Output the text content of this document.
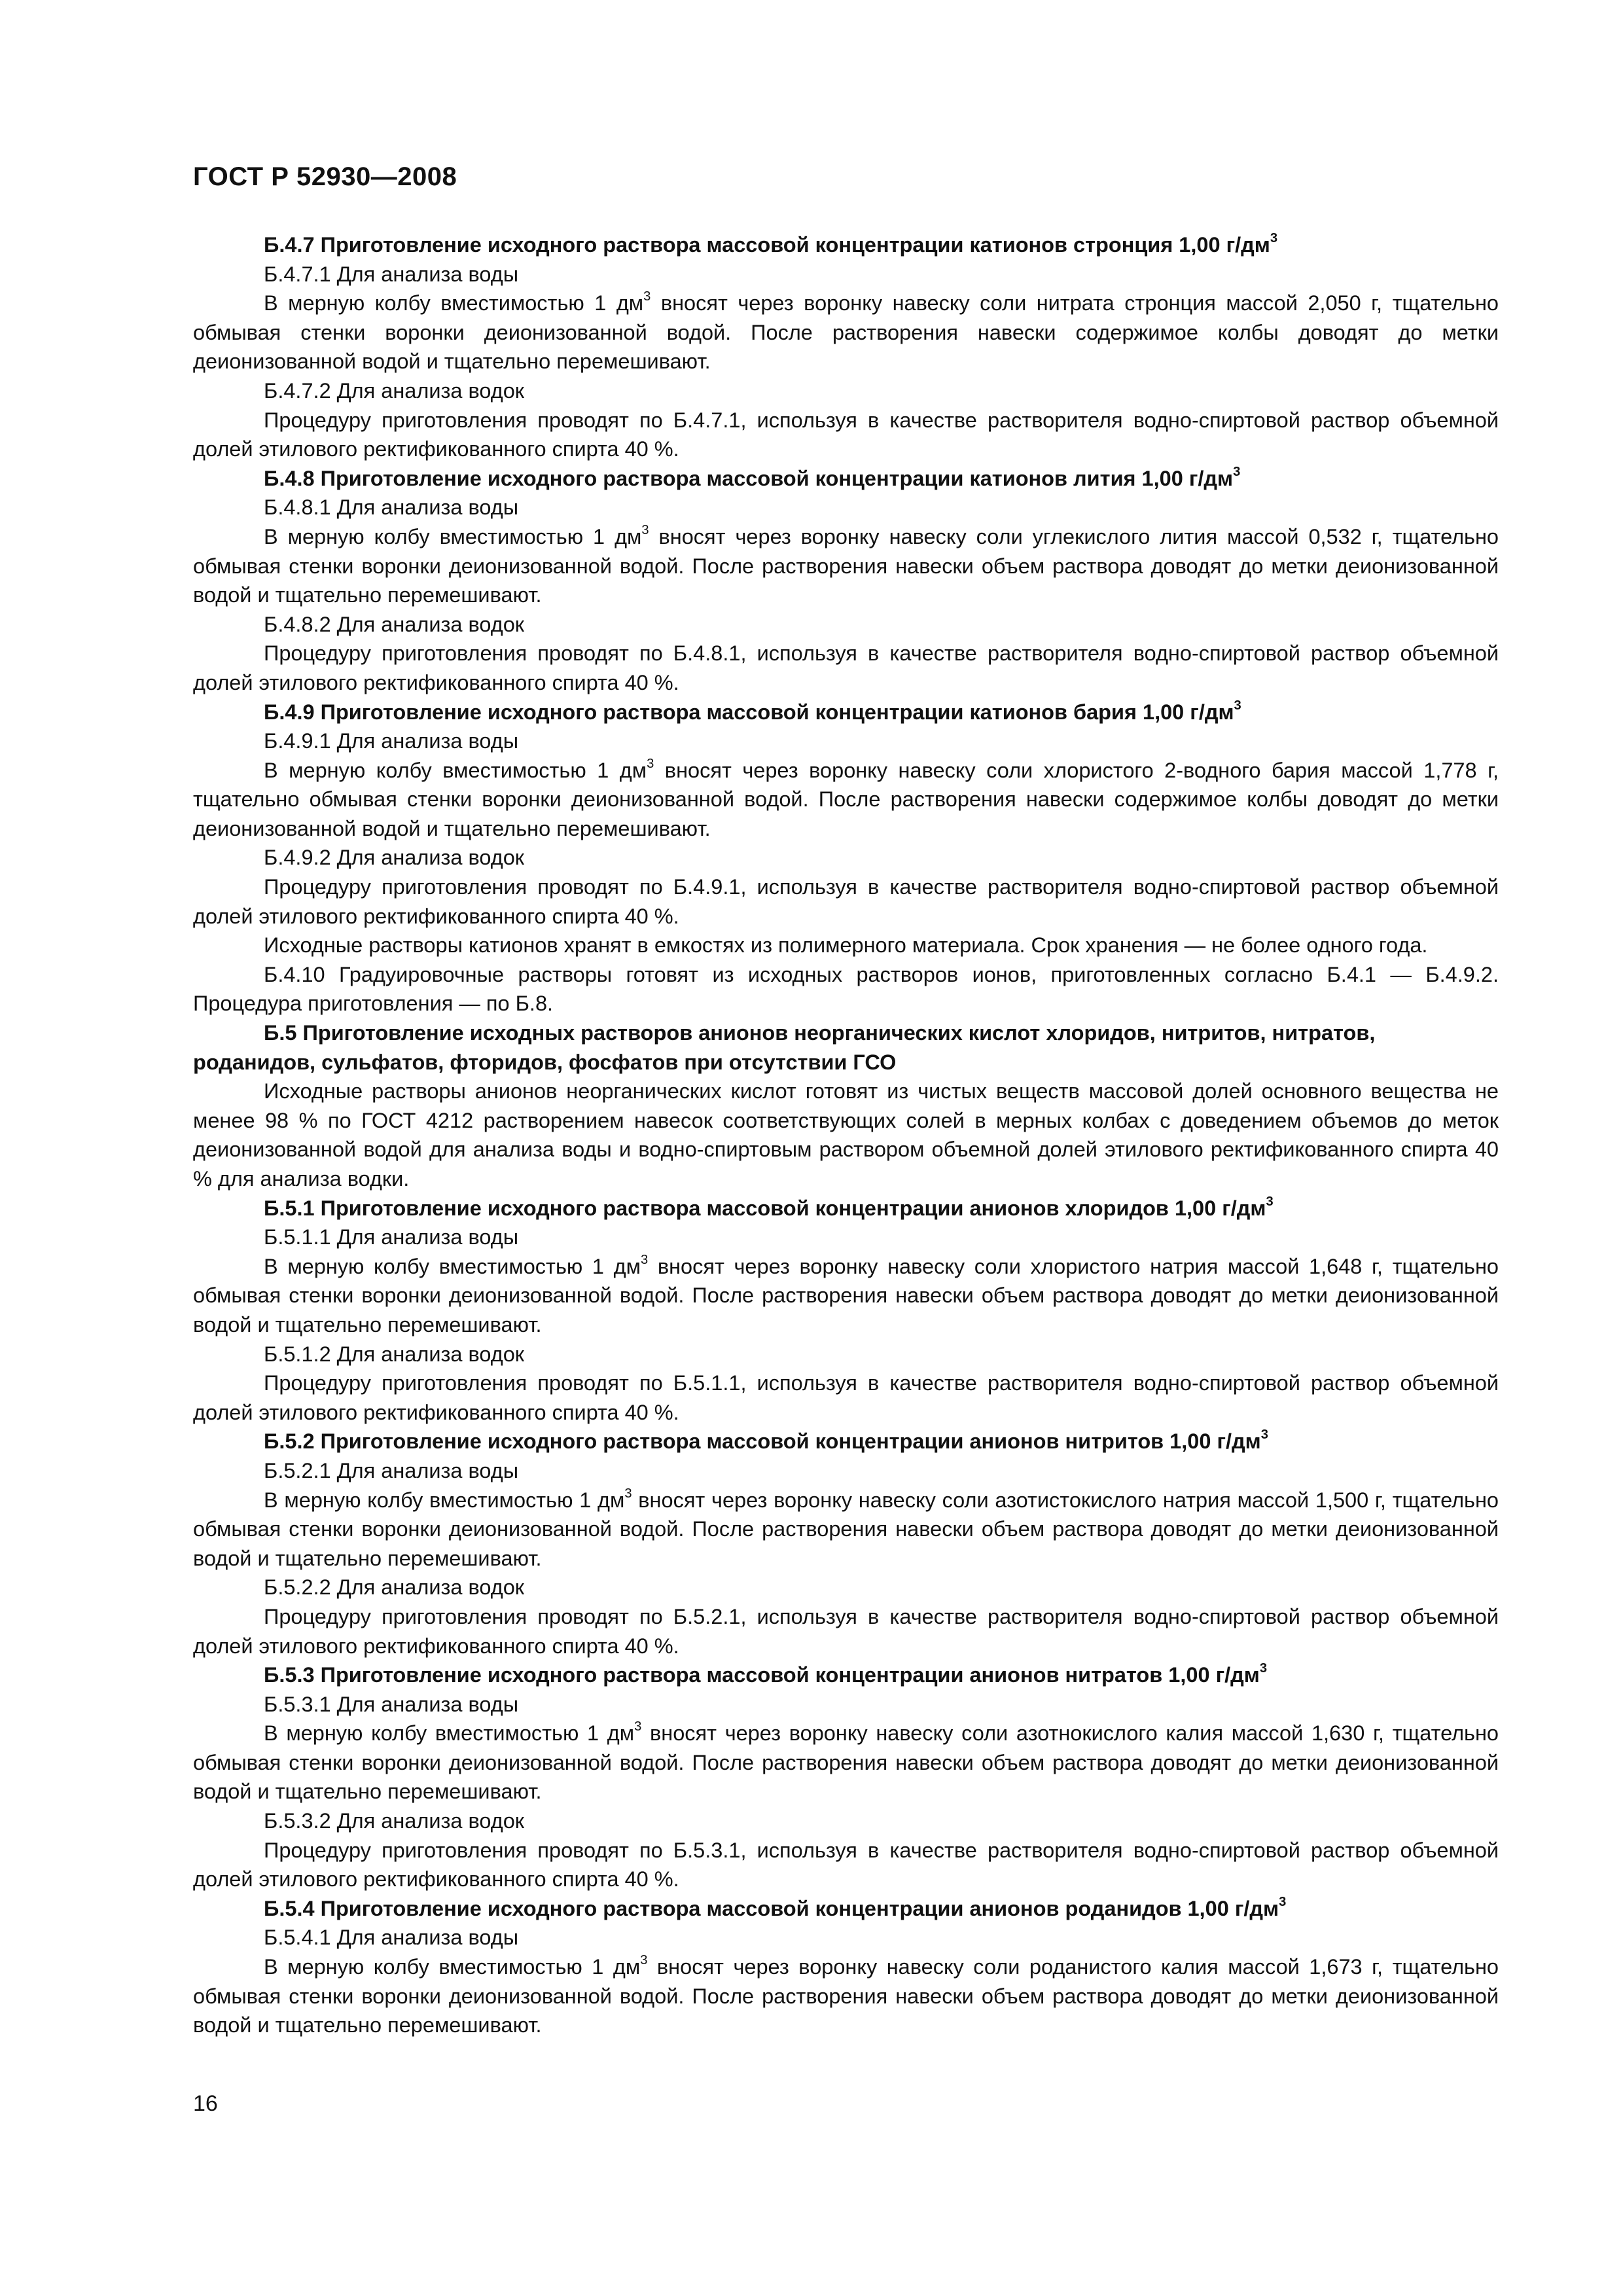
ГОСТ Р 52930—2008

Б.4.7 Приготовление исходного раствора массовой концентрации катионов стронция 1,00 $г/дм^3$

Б.4.7.1 Для анализа воды

В мерную колбу вместимостью 1 $дм^3$ вносят через воронку навеску соли нитрата стронция массой 2,050 г, тщательно обмывая стенки воронки деионизованной водой. После растворения навески содержимое колбы доводят до метки деионизованной водой и тщательно перемешивают.

Б.4.7.2 Для анализа водок

Процедуру приготовления проводят по Б.4.7.1, используя в качестве растворителя водно-спиртовой раствор объемной долей этилового ректификованного спирта 40 %.

Б.4.8 Приготовление исходного раствора массовой концентрации катионов лития 1,00 $г/дм^3$

Б.4.8.1 Для анализа воды

В мерную колбу вместимостью 1 $дм^3$ вносят через воронку навеску соли углекислого лития массой 0,532 г, тщательно обмывая стенки воронки деионизованной водой. После растворения навески объем раствора доводят до метки деионизованной водой и тщательно перемешивают.

Б.4.8.2 Для анализа водок

Процедуру приготовления проводят по Б.4.8.1, используя в качестве растворителя водно-спиртовой раствор объемной долей этилового ректификованного спирта 40 %.

Б.4.9 Приготовление исходного раствора массовой концентрации катионов бария 1,00 $г/дм^3$

Б.4.9.1 Для анализа воды

В мерную колбу вместимостью 1 $дм^3$ вносят через воронку навеску соли хлористого 2-водного бария массой 1,778 г, тщательно обмывая стенки воронки деионизованной водой. После растворения навески содержимое колбы доводят до метки деионизованной водой и тщательно перемешивают.

Б.4.9.2 Для анализа водок

Процедуру приготовления проводят по Б.4.9.1, используя в качестве растворителя водно-спиртовой раствор объемной долей этилового ректификованного спирта 40 %.

Исходные растворы катионов хранят в емкостях из полимерного материала. Срок хранения — не более одного года.

Б.4.10 Градуировочные растворы готовят из исходных растворов ионов, приготовленных согласно Б.4.1 — Б.4.9.2. Процедура приготовления — по Б.8.

Б.5 Приготовление исходных растворов анионов неорганических кислот хлоридов, нитритов, нитратов, роданидов, сульфатов, фторидов, фосфатов при отсутствии ГСО

Исходные растворы анионов неорганических кислот готовят из чистых веществ массовой долей основного вещества не менее 98 % по ГОСТ 4212 растворением навесок соответствующих солей в мерных колбах с доведением объемов до меток деионизованной водой для анализа воды и водно-спиртовым раствором объемной долей этилового ректификованного спирта 40 % для анализа водки.

Б.5.1 Приготовление исходного раствора массовой концентрации анионов хлоридов 1,00 $г/дм^3$

Б.5.1.1 Для анализа воды

В мерную колбу вместимостью 1 $дм^3$ вносят через воронку навеску соли хлористого натрия массой 1,648 г, тщательно обмывая стенки воронки деионизованной водой. После растворения навески объем раствора доводят до метки деионизованной водой и тщательно перемешивают.

Б.5.1.2 Для анализа водок

Процедуру приготовления проводят по Б.5.1.1, используя в качестве растворителя водно-спиртовой раствор объемной долей этилового ректификованного спирта 40 %.

Б.5.2 Приготовление исходного раствора массовой концентрации анионов нитритов 1,00 $г/дм^3$

Б.5.2.1 Для анализа воды

В мерную колбу вместимостью 1 $дм^3$ вносят через воронку навеску соли азотистокислого натрия массой 1,500 г, тщательно обмывая стенки воронки деионизованной водой. После растворения навески объем раствора доводят до метки деионизованной водой и тщательно перемешивают.

Б.5.2.2 Для анализа водок

Процедуру приготовления проводят по Б.5.2.1, используя в качестве растворителя водно-спиртовой раствор объемной долей этилового ректификованного спирта 40 %.

Б.5.3 Приготовление исходного раствора массовой концентрации анионов нитратов 1,00 $г/дм^3$

Б.5.3.1 Для анализа воды

В мерную колбу вместимостью 1 $дм^3$ вносят через воронку навеску соли азотнокислого калия массой 1,630 г, тщательно обмывая стенки воронки деионизованной водой. После растворения навески объем раствора доводят до метки деионизованной водой и тщательно перемешивают.

Б.5.3.2 Для анализа водок

Процедуру приготовления проводят по Б.5.3.1, используя в качестве растворителя водно-спиртовой раствор объемной долей этилового ректификованного спирта 40 %.

Б.5.4 Приготовление исходного раствора массовой концентрации анионов роданидов 1,00 $г/дм^3$

Б.5.4.1 Для анализа воды

В мерную колбу вместимостью 1 $дм^3$ вносят через воронку навеску соли роданистого калия массой 1,673 г, тщательно обмывая стенки воронки деионизованной водой. После растворения навески объем раствора доводят до метки деионизованной водой и тщательно перемешивают.

16
